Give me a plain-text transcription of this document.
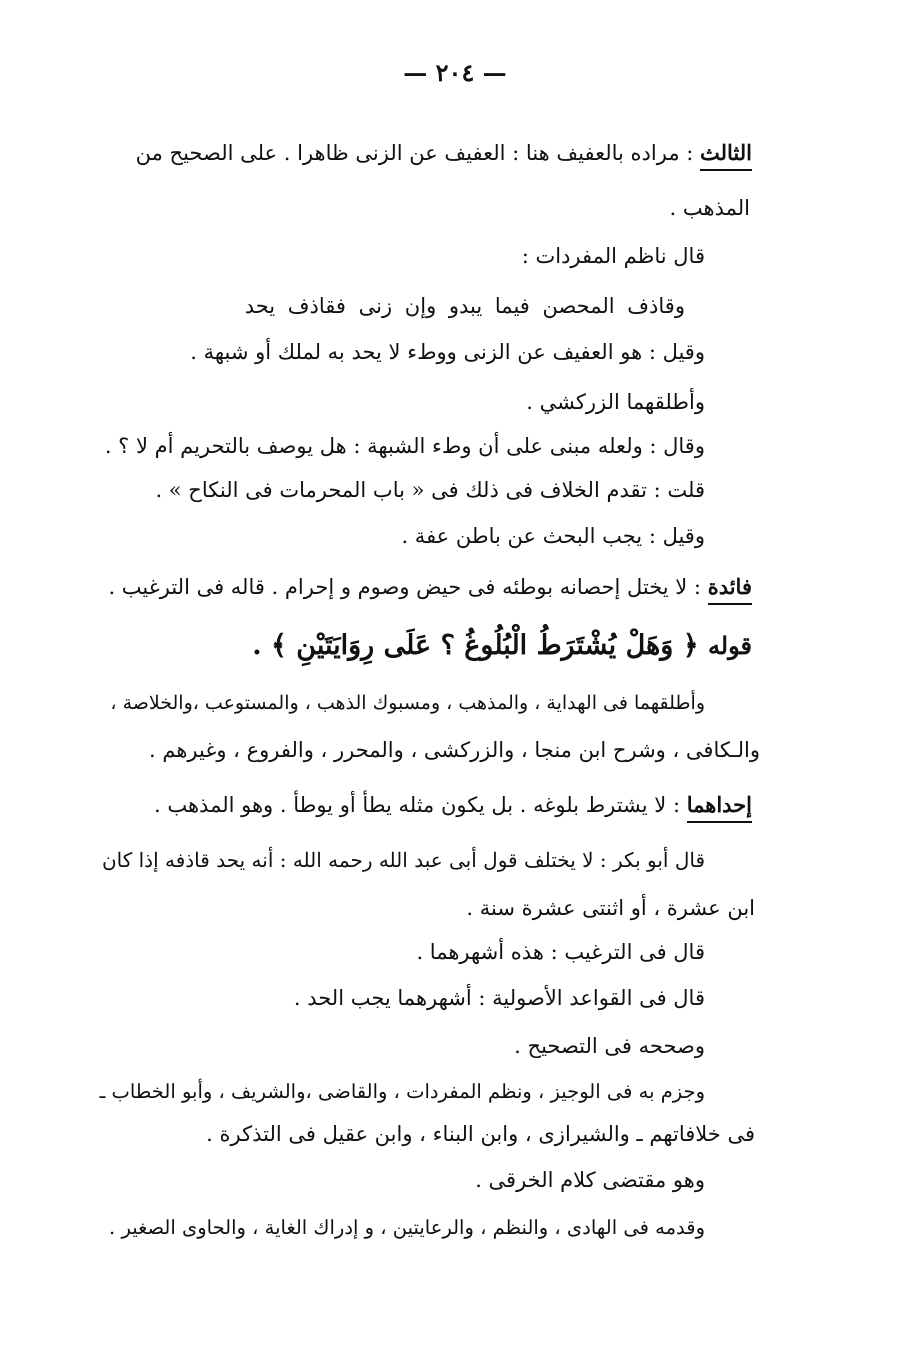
— ٢٠٤ —
الثالث : مراده بالعفيف هنا : العفيف عن الزنى ظاهرا . على الصحيح من
المذهب .
قال ناظم المفردات :
وقاذف المحصن فيما يبدو وإن زنى فقاذف يحد
وقيل : هو العفيف عن الزنى ووطء لا يحد به لملك أو شبهة .
وأطلقهما الزركشي .
وقال : ولعله مبنى على أن وطء الشبهة : هل يوصف بالتحريم أم لا ؟ .
قلت : تقدم الخلاف فى ذلك فى « باب المحرمات فى النكاح » .
وقيل : يجب البحث عن باطن عفة .
فائدة : لا يختل إحصانه بوطئه فى حيض وصوم و إحرام . قاله فى الترغيب .
قوله ﴿ وَهَلْ يُشْتَرَطُ الْبُلُوغُ ؟ عَلَى رِوَايَتَيْنِ ﴾ .
وأطلقهما فى الهداية ، والمذهب ، ومسبوك الذهب ، والمستوعب ،والخلاصة ،
والـكافى ، وشرح ابن منجا ، والزركشى ، والمحرر ، والفروع ، وغيرهم .
إحداهما : لا يشترط بلوغه . بل يكون مثله يطأ أو يوطأ . وهو المذهب .
قال أبو بكر : لا يختلف قول أبى عبد الله رحمه الله : أنه يحد قاذفه إذا كان
ابن عشرة ، أو اثنتى عشرة سنة .
قال فى الترغيب : هذه أشهرهما .
قال فى القواعد الأصولية : أشهرهما يجب الحد .
وصححه فى التصحيح .
وجزم به فى الوجيز ، ونظم المفردات ، والقاضى ،والشريف ، وأبو الخطاب ـ
فى خلافاتهم ـ والشيرازى ، وابن البناء ، وابن عقيل فى التذكرة .
وهو مقتضى كلام الخرقى .
وقدمه فى الهادى ، والنظم ، والرعايتين ، و إدراك الغاية ، والحاوى الصغير .
